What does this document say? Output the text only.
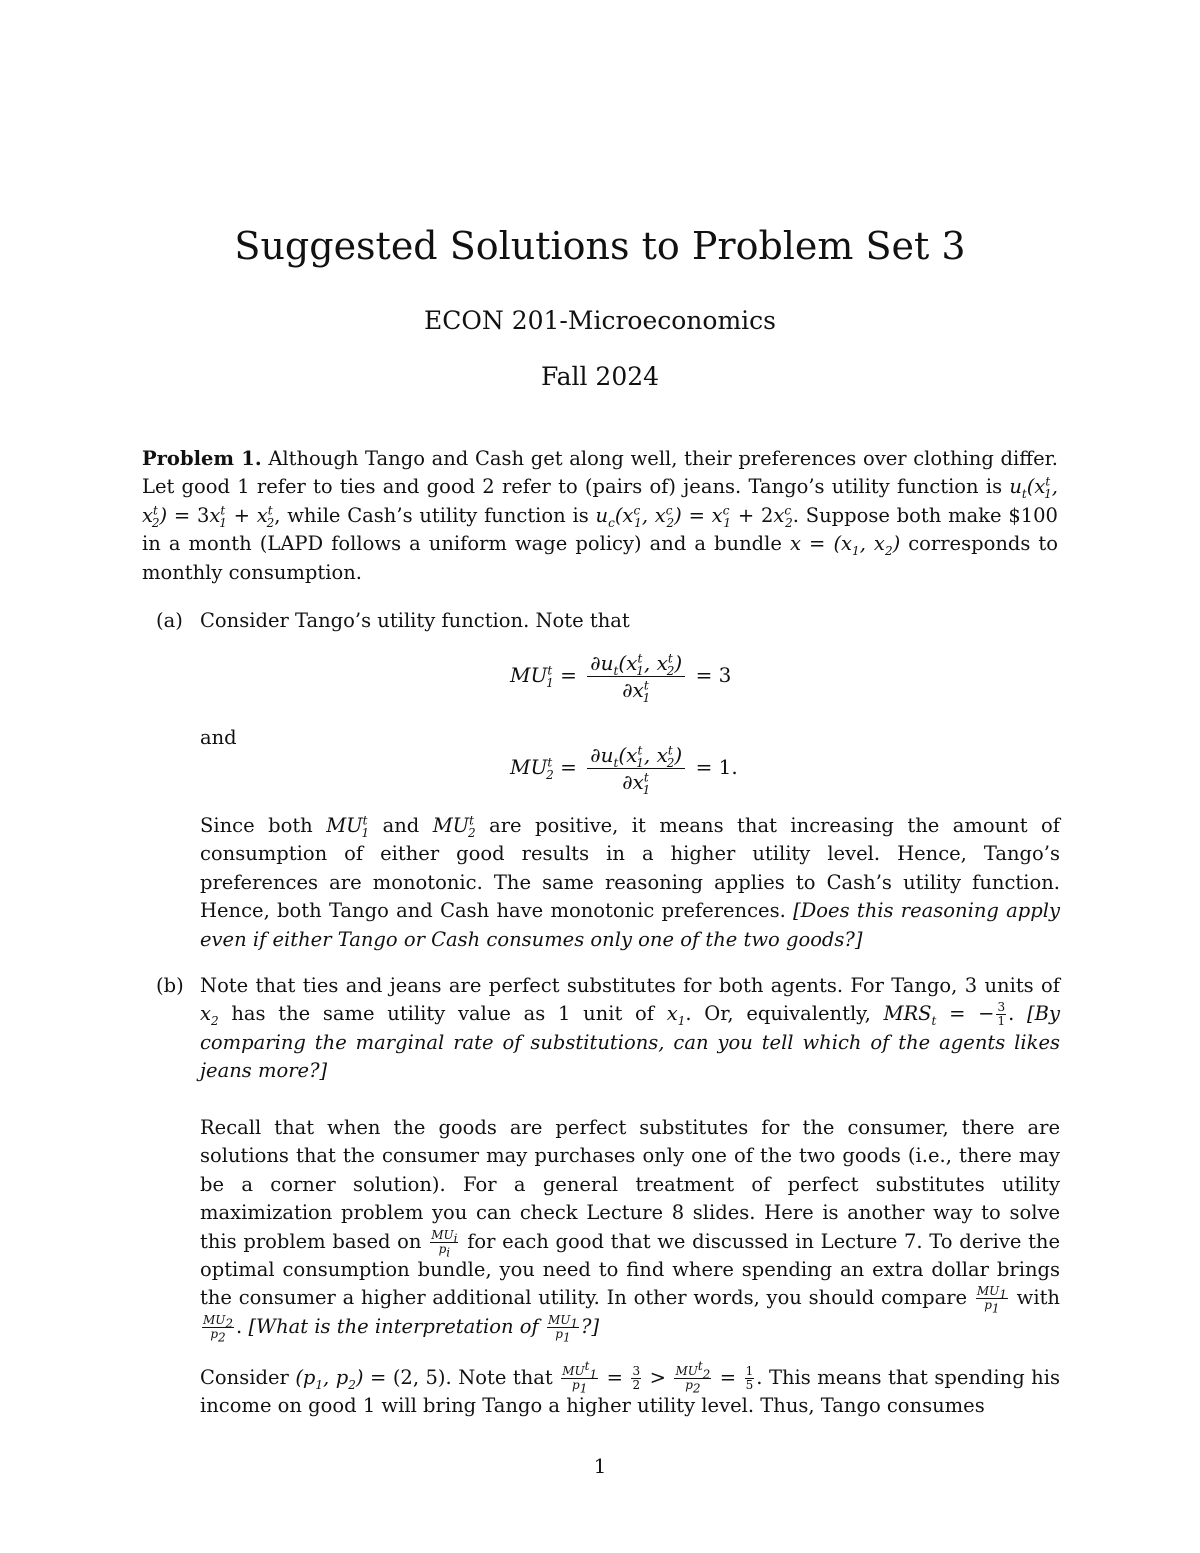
Suggested Solutions to Problem Set 3
ECON 201-Microeconomics
Fall 2024
Problem 1. Although Tango and Cash get along well, their preferences over clothing differ. Let good 1 refer to ties and good 2 refer to (pairs of) jeans. Tango’s utility function is $u_t(x^t_1$, $x^t_2) = 3x^t_1 + x^t_2$, while Cash’s utility function is $u_c(x^c_1$, $x^c_2) = x^c_1 + 2x^c_2$. Suppose both make $100 in a month (LAPD follows a uniform wage policy) and a bundle $x = (x_1$, $x_2$) corresponds to monthly consumption.
(a) Consider Tango’s utility function. Note that
$MU^t_1 = \frac{\partial u_t(x^t_1, x^t_2)}{\partial x^t_1} = 3$
and
$MU^t_2 = \frac{\partial u_t(x^t_1, x^t_2)}{\partial x^t_1} = 1$.
Since both $MU^t_1$ and $MU^t_2$ are positive, it means that increasing the amount of consumption of either good results in a higher utility level. Hence, Tango’s preferences are monotonic. The same reasoning applies to Cash’s utility function. Hence, both Tango and Cash have monotonic preferences. [Does this reasoning apply even if either Tango or Cash consumes only one of the two goods?]
(b) Note that ties and jeans are perfect substitutes for both agents. For Tango, 3 units of $x_2$ has the same utility value as 1 unit of $x_1$. Or, equivalently, $MRS_t$ = − $\frac{3}{1}$ . [By comparing the marginal rate of substitutions, can you tell which of the agents likes jeans more?]
Recall that when the goods are perfect substitutes for the consumer, there are solutions that the consumer may purchases only one of the two goods (i.e., there may be a corner solution). For a general treatment of perfect substitutes utility maximization problem you can check Lecture 8 slides. Here is another way to solve this problem based on $\frac{MU_i}{p_i}$ for each good that we discussed in Lecture 7. To derive the optimal consumption bundle, you need to find where spending an extra dollar brings the consumer a higher additional utility. In other words, you should compare $\frac{MU_1}{p_1}$ with
$\frac{MU_2}{p_2}$ . [What is the interpretation of $\frac{MU_1}{p_1}$ ?]
Consider ($p_1$, $p_2) = (2$, 5). Note that $\frac{MU^t_1}{p_1} = \frac{3}{2} > \frac{MU^t_2}{p_2} = \frac{1}{5}$ . This means that spending his income on good 1 will bring Tango a higher utility level. Thus, Tango consumes
1
